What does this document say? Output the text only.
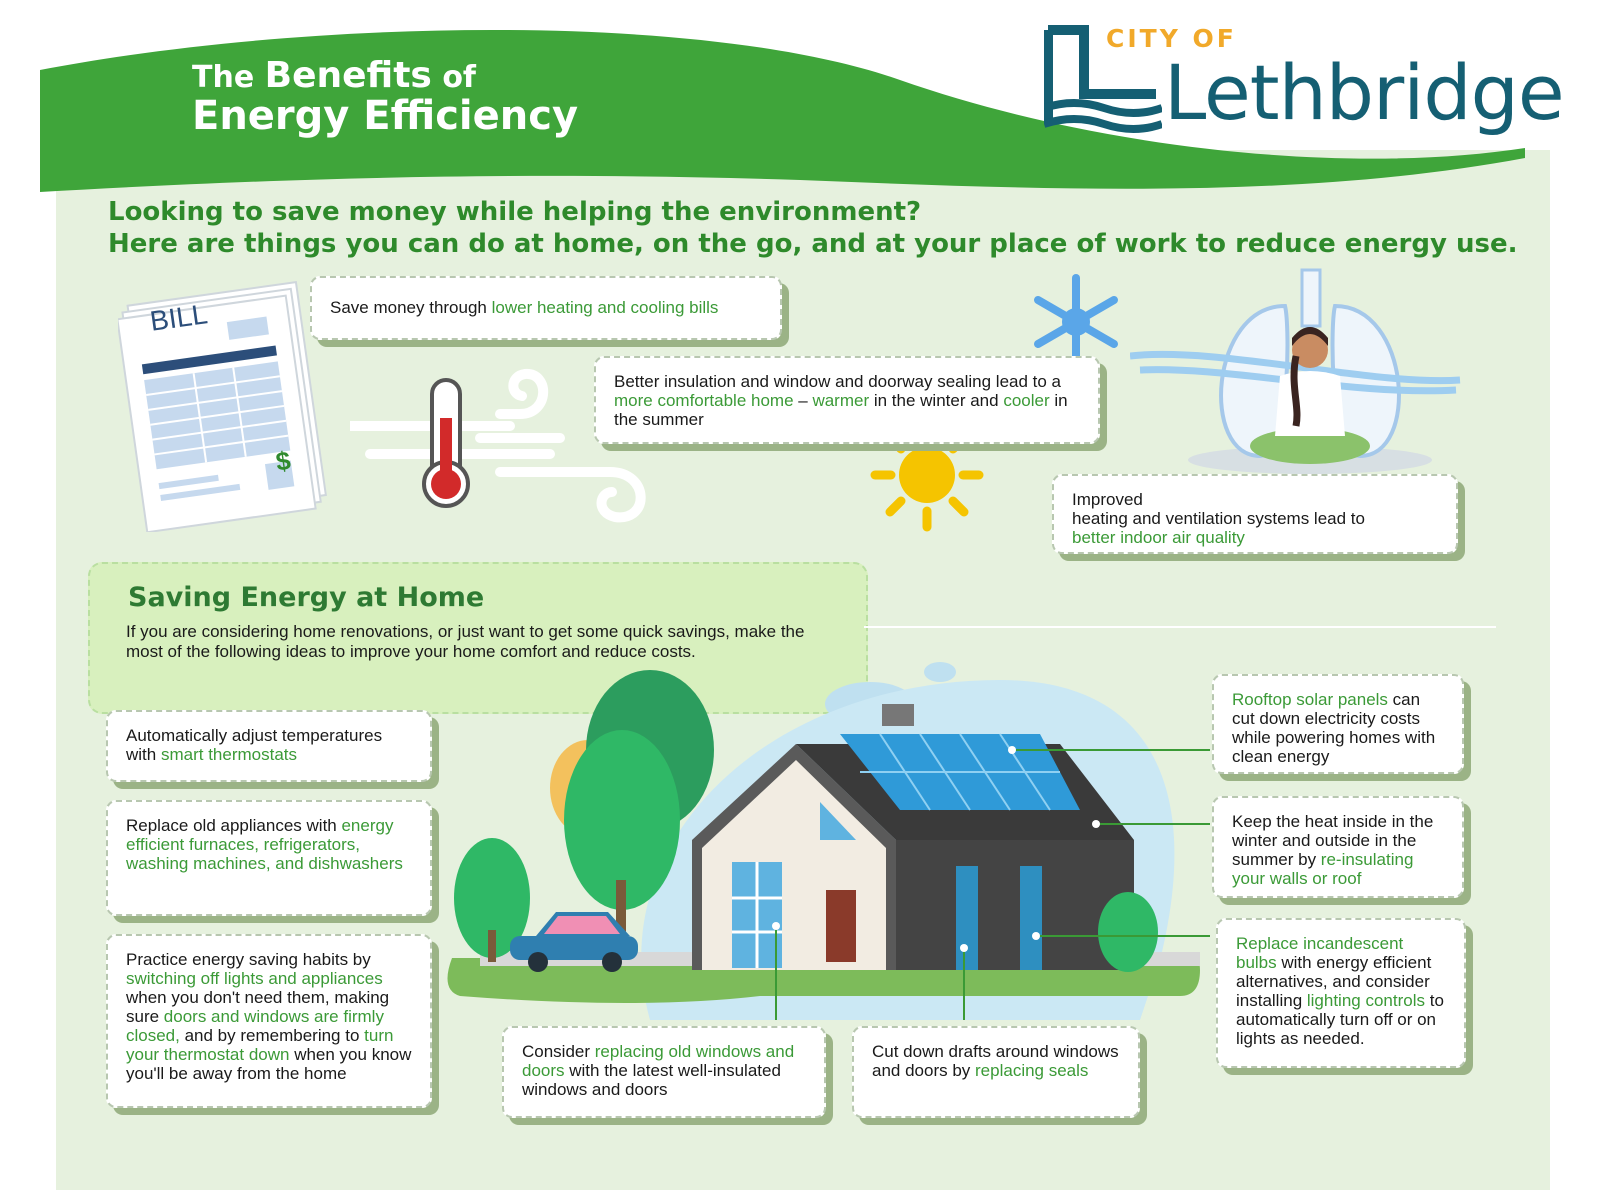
The Benefits of
Energy Efficiency
CITY OF
Lethbridge
Looking to save money while helping the environment?
Here are things you can do at home, on the go, and at your place of work to reduce energy use.
BILL
$
Save money through lower heating and cooling bills
Better insulation and window and doorway sealing lead to a more comfortable home – warmer in the winter and cooler in the summer
Improved
heating and ventilation systems lead to
better indoor air quality
Saving Energy at Home
If you are considering home renovations, or just want to get some quick savings, make the most of the following ideas to improve your home comfort and reduce costs.
Automatically adjust temperatures with smart thermostats
Replace old appliances with energy efficient furnaces, refrigerators, washing machines, and dishwashers
Practice energy saving habits by switching off lights and appliances when you don't need them, making sure doors and windows are firmly closed, and by remembering to turn your thermostat down when you know you'll be away from the home
Consider replacing old windows and doors with the latest well-insulated windows and doors
Cut down drafts around windows and doors by replacing seals
Rooftop solar panels can cut down electricity costs while powering homes with clean energy
Keep the heat inside in the winter and outside in the summer by re-insulating your walls or roof
Replace incandescent bulbs with energy efficient alternatives, and consider installing lighting controls to automatically turn off or on lights as needed.
